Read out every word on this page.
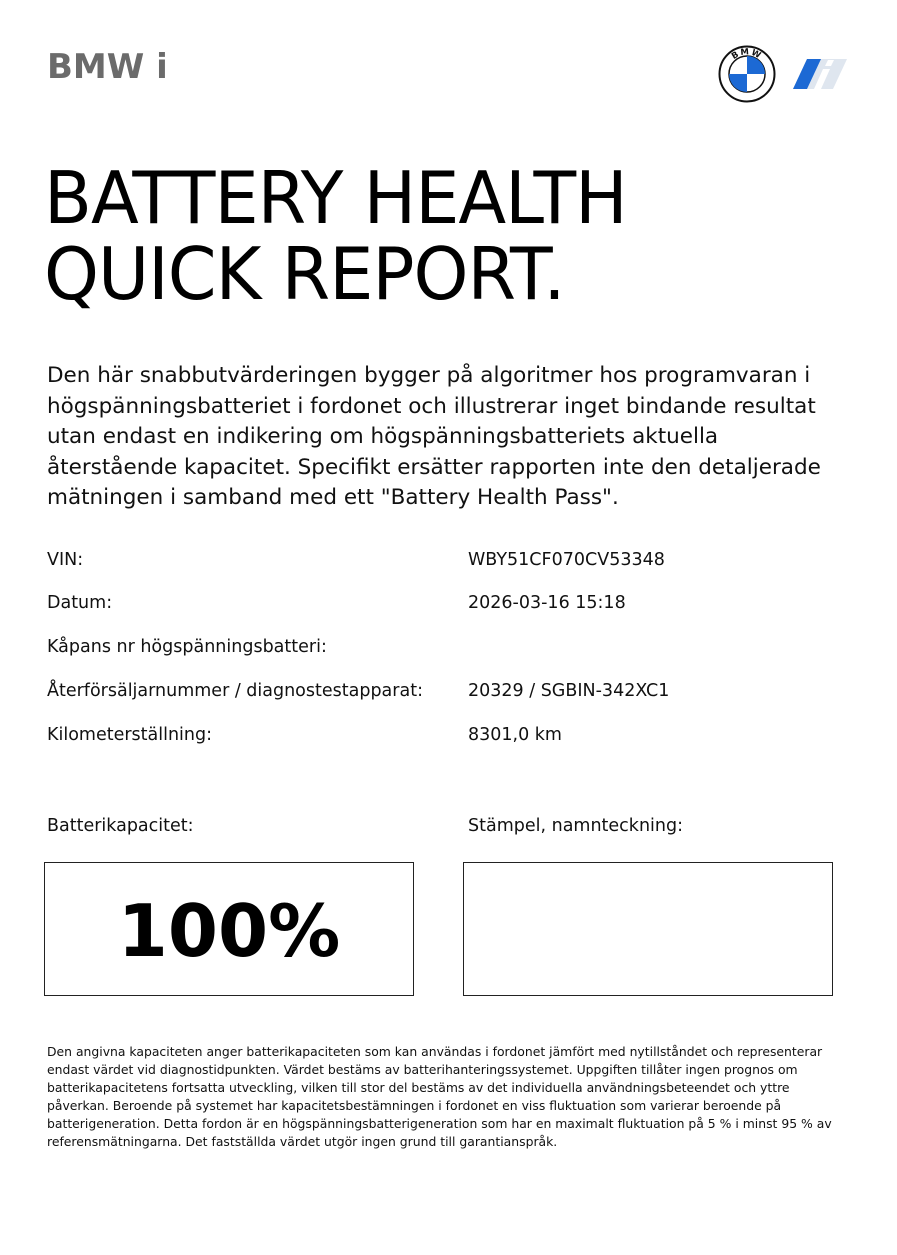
BMW i	BMW
BATTERY HEALTH
QUICK REPORT.

Den här snabbutvärderingen bygger på algoritmer hos programvaran i högspänningsbatteriet i fordonet och illustrerar inget bindande resultat utan endast en indikering om högspänningsbatteriets aktuella återstående kapacitet. Specifikt ersätter rapporten inte den detaljerade mätningen i samband med ett "Battery Health Pass".

VIN:	WBY51CF070CV53348
Datum:	2026-03-16 15:18
Kåpans nr högspänningsbatteri:
Återförsäljarnummer / diagnostestapparat:	20329 / SGBIN-342XC1
Kilometerställning:	8301,0 km
Batterikapacitet:	Stämpel, namnteckning:
100%

Den angivna kapaciteten anger batterikapaciteten som kan användas i fordonet jämfört med nytillståndet och representerar endast värdet vid diagnostidpunkten. Värdet bestäms av batterihanteringssystemet. Uppgiften tillåter ingen prognos om batterikapacitetens fortsatta utveckling, vilken till stor del bestäms av det individuella användningsbeteendet och yttre påverkan. Beroende på systemet har kapacitetsbestämningen i fordonet en viss fluktuation som varierar beroende på batterigeneration. Detta fordon är en högspänningsbatterigeneration som har en maximalt fluktuation på 5 % i minst 95 % av referensmätningarna. Det fastställda värdet utgör ingen grund till garantianspråk.
